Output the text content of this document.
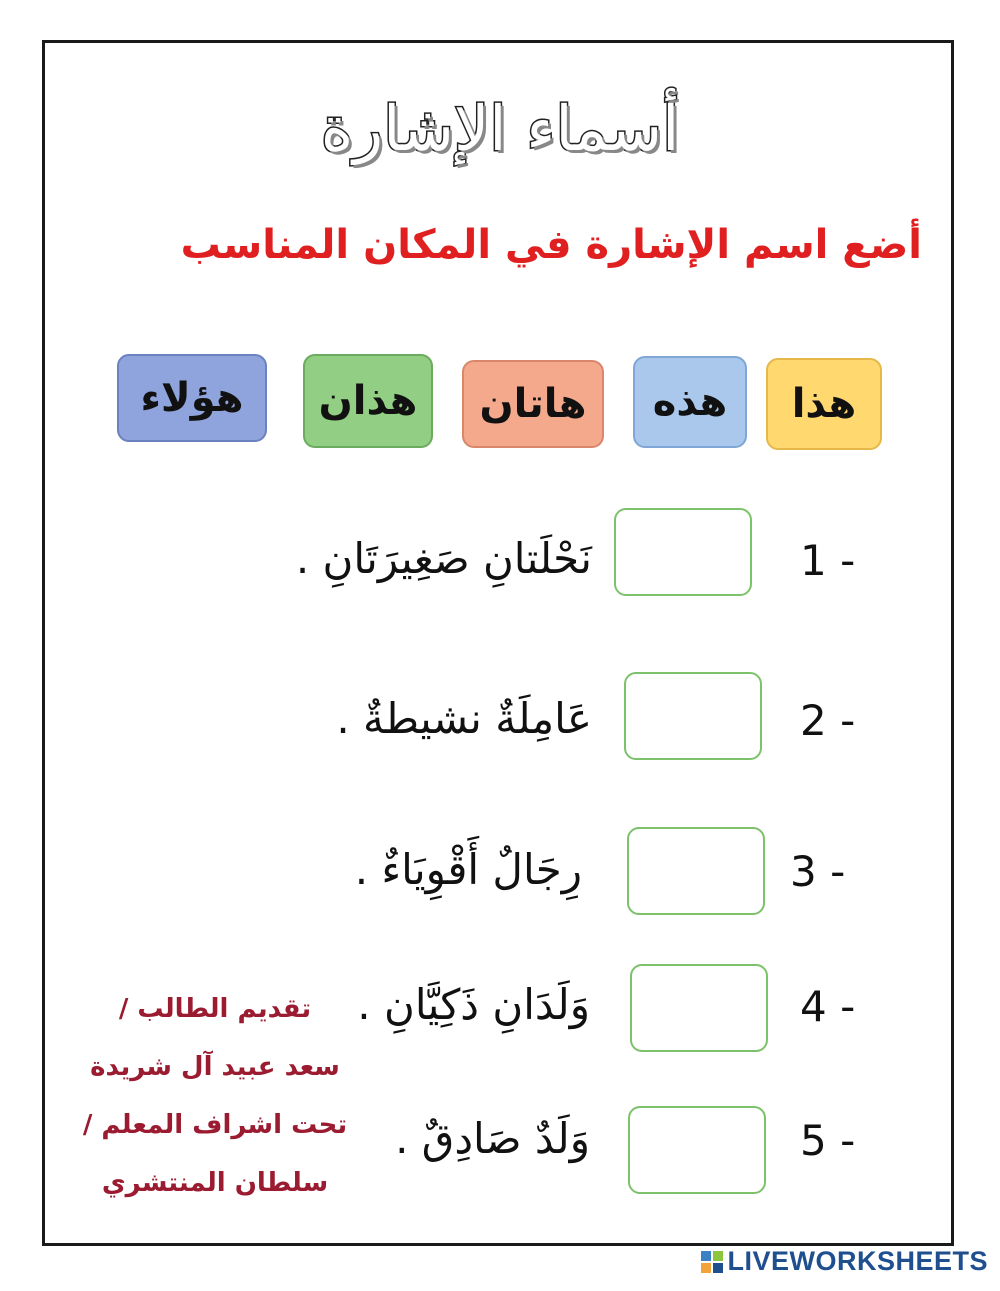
أسماء الإشارة
أضع اسم الإشارة في المكان المناسب
هذا
هذه
هاتان
هذان
هؤلاء
1 -
نَحْلَتانِ صَغِيرَتَانِ .
2 -
عَامِلَةٌ نشيطةٌ .
3 -
رِجَالٌ أَقْوِيَاءٌ .
4 -
وَلَدَانِ ذَكِيَّانِ .
5 -
وَلَدٌ صَادِقٌ .
تقديم الطالب /
سعد عبيد آل شريدة
تحت اشراف المعلم /
سلطان المنتشري
LIVEWORKSHEETS
